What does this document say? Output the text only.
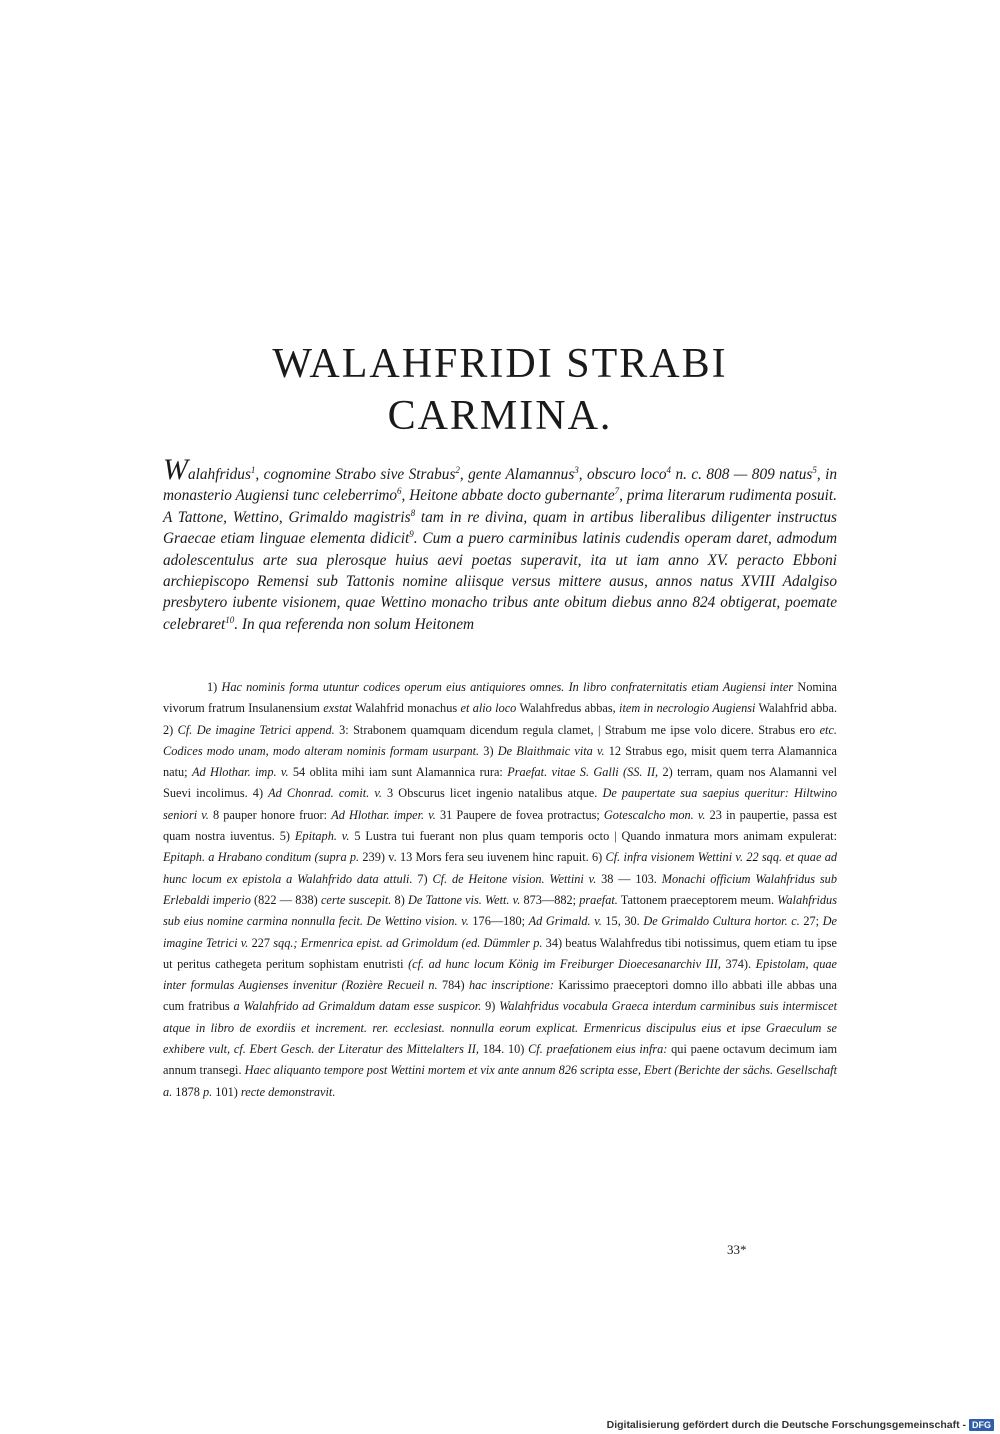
WALAHFRIDI STRABI
CARMINA.

Walahfridus$^1$, cognomine Strabo sive Strabus$^2$, gente Alamannus$^3$, obscuro loco$^4$ n. c. 808 — 809 natus$^5$, in monasterio Augiensi tunc celeberrimo$^6$, Heitone abbate docto gubernante$^7$, prima literarum rudimenta posuit. A Tattone, Wettino, Grimaldo magistris$^8$ tam in re divina, quam in artibus liberalibus diligenter instructus Graecae etiam linguae elementa didicit$^9$. Cum a puero carminibus latinis cudendis operam daret, admodum adolescentulus arte sua plerosque huius aevi poetas superavit, ita ut iam anno XV. peracto Ebboni archiepiscopo Remensi sub Tattonis nomine aliisque versus mittere ausus, annos natus XVIII Adalgiso presbytero iubente visionem, quae Wettino monacho tribus ante obitum diebus anno 824 obtigerat, poemate celebraret$^{10}$. In qua referenda non solum Heitonem

1) Hac nominis forma utuntur codices operum eius antiquiores omnes. In libro confraternitatis etiam Augiensi inter Nomina vivorum fratrum Insulanensium exstat Walahfrid monachus et alio loco Walahfredus abbas, item in necrologio Augiensi Walahfrid abba. 2) Cf. De imagine Tetrici append. 3: Strabonem quamquam dicendum regula clamet, | Strabum me ipse volo dicere. Strabus ero etc. Codices modo unam, modo alteram nominis formam usurpant. 3) De Blaithmaic vita v. 12 Strabus ego, misit quem terra Alamannica natu; Ad Hlothar. imp. v. 54 oblita mihi iam sunt Alamannica rura: Praefat. vitae S. Galli (SS. II, 2) terram, quam nos Alamanni vel Suevi incolimus. 4) Ad Chonrad. comit. v. 3 Obscurus licet ingenio natalibus atque. De paupertate sua saepius queritur: Hiltwino seniori v. 8 pauper honore fruor: Ad Hlothar. imper. v. 31 Paupere de fovea protractus; Gotescalcho mon. v. 23 in paupertie, passa est quam nostra iuventus. 5) Epitaph. v. 5 Lustra tui fuerant non plus quam temporis octo | Quando inmatura mors animam expulerat: Epitaph. a Hrabano conditum (supra p. 239) v. 13 Mors fera seu iuvenem hinc rapuit. 6) Cf. infra visionem Wettini v. 22 sqq. et quae ad hunc locum ex epistola a Walahfrido data attuli. 7) Cf. de Heitone vision. Wettini v. 38 — 103. Monachi officium Walahfridus sub Erlebaldi imperio (822 — 838) certe suscepit. 8) De Tattone vis. Wett. v. 873—882; praefat. Tattonem praeceptorem meum. Walahfridus sub eius nomine carmina nonnulla fecit. De Wettino vision. v. 176—180; Ad Grimald. v. 15, 30. De Grimaldo Cultura hortor. c. 27; De imagine Tetrici v. 227 sqq.; Ermenrica epist. ad Grimoldum (ed. Dümmler p. 34) beatus Walahfredus tibi notissimus, quem etiam tu ipse ut peritus cathegeta peritum sophistam enutristi (cf. ad hunc locum König im Freiburger Dioecesanarchiv III, 374). Epistolam, quae inter formulas Augienses invenitur (Rozière Recueil n. 784) hac inscriptione: Karissimo praeceptori domno illo abbati ille abbas una cum fratribus a Walahfrido ad Grimaldum datam esse suspicor. 9) Walahfridus vocabula Graeca interdum carminibus suis intermiscet atque in libro de exordiis et increment. rer. ecclesiast. nonnulla eorum explicat. Ermenricus discipulus eius et ipse Graeculum se exhibere vult, cf. Ebert Gesch. der Literatur des Mittelalters II, 184. 10) Cf. praefationem eius infra: qui paene octavum decimum iam annum transegi. Haec aliquanto tempore post Wettini mortem et vix ante annum 826 scripta esse, Ebert (Berichte der sächs. Gesellschaft a. 1878 p. 101) recte demonstravit.

33*
Digitalisierung gefördert durch die Deutsche Forschungsgemeinschaft - DFG
